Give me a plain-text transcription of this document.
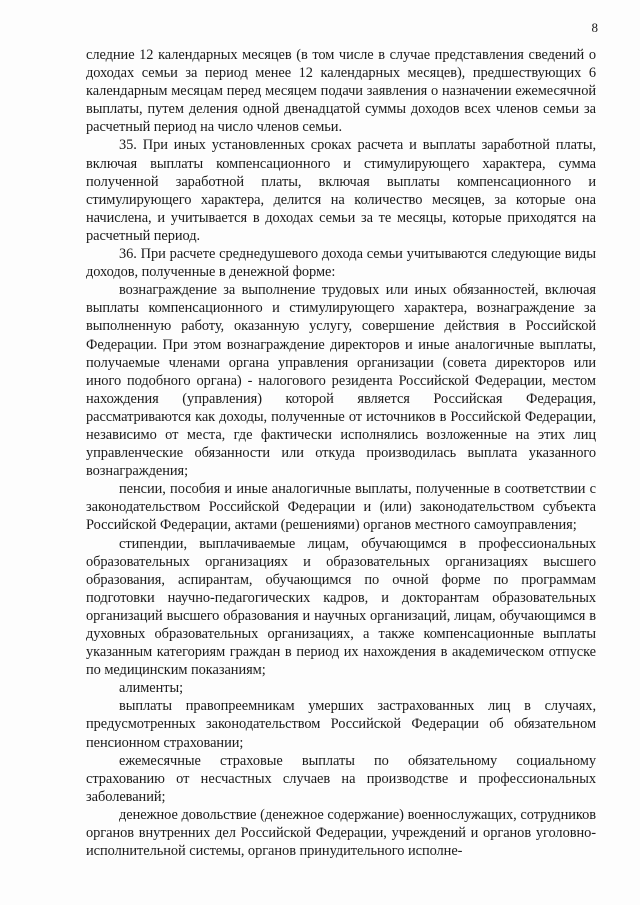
8

следние 12 календарных месяцев (в том числе в случае представления сведений о доходах семьи за период менее 12 календарных месяцев), предшествующих 6 календарным месяцам перед месяцем подачи заявления о назначении ежемесячной выплаты, путем деления одной двенадцатой суммы доходов всех членов семьи за расчетный период на число членов семьи.

35. При иных установленных сроках расчета и выплаты заработной платы, включая выплаты компенсационного и стимулирующего характера, сумма полученной заработной платы, включая выплаты компенсационного и стимулирующего характера, делится на количество месяцев, за которые она начислена, и учитывается в доходах семьи за те месяцы, которые приходятся на расчетный период.

36. При расчете среднедушевого дохода семьи учитываются следующие виды доходов, полученные в денежной форме:

вознаграждение за выполнение трудовых или иных обязанностей, включая выплаты компенсационного и стимулирующего характера, вознаграждение за выполненную работу, оказанную услугу, совершение действия в Российской Федерации. При этом вознаграждение директоров и иные аналогичные выплаты, получаемые членами органа управления организации (совета директоров или иного подобного органа) - налогового резидента Российской Федерации, местом нахождения (управления) которой является Российская Федерация, рассматриваются как доходы, полученные от источников в Российской Федерации, независимо от места, где фактически исполнялись возложенные на этих лиц управленческие обязанности или откуда производилась выплата указанного вознаграждения;

пенсии, пособия и иные аналогичные выплаты, полученные в соответствии с законодательством Российской Федерации и (или) законодательством субъекта Российской Федерации, актами (решениями) органов местного самоуправления;

стипендии, выплачиваемые лицам, обучающимся в профессиональных образовательных организациях и образовательных организациях высшего образования, аспирантам, обучающимся по очной форме по программам подготовки научно-педагогических кадров, и докторантам образовательных организаций высшего образования и научных организаций, лицам, обучающимся в духовных образовательных организациях, а также компенсационные выплаты указанным категориям граждан в период их нахождения в академическом отпуске по медицинским показаниям;

алименты;

выплаты правопреемникам умерших застрахованных лиц в случаях, предусмотренных законодательством Российской Федерации об обязательном пенсионном страховании;

ежемесячные страховые выплаты по обязательному социальному страхованию от несчастных случаев на производстве и профессиональных заболеваний;

денежное довольствие (денежное содержание) военнослужащих, сотрудников органов внутренних дел Российской Федерации, учреждений и органов уголовно-исполнительной системы, органов принудительного исполне-
